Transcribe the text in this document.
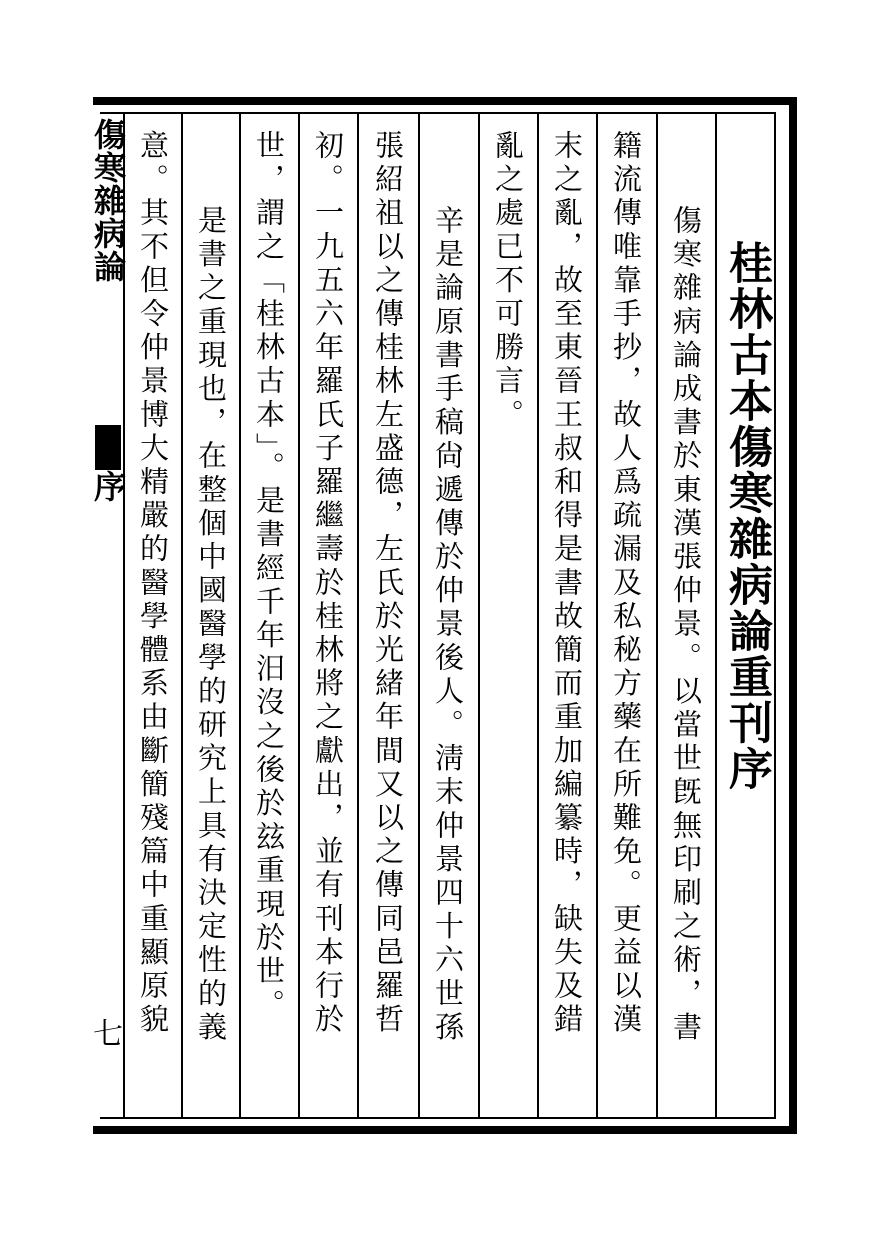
傷寒雜病論
序
七
桂林古本傷寒雜病論重刊序
傷寒雜病論成書於東漢張仲景。以當世旣無印刷之術，書
籍流傳唯靠手抄，故人爲疏漏及私秘方藥在所難免。更益以漢
末之亂，故至東晉王叔和得是書故簡而重加編纂時，缺失及錯
亂之處已不可勝言。
辛是論原書手稿尙遞傳於仲景後人。淸末仲景四十六世孫
張紹祖以之傳桂林左盛德，左氏於光緒年間又以之傳同邑羅哲
初。一九五六年羅氏子羅繼壽於桂林將之獻出，並有刊本行於
世，謂之「桂林古本」。是書經千年汨沒之後於玆重現於世。
是書之重現也，在整個中國醫學的研究上具有決定性的義
意。其不但令仲景博大精嚴的醫學體系由斷簡殘篇中重顯原貌
